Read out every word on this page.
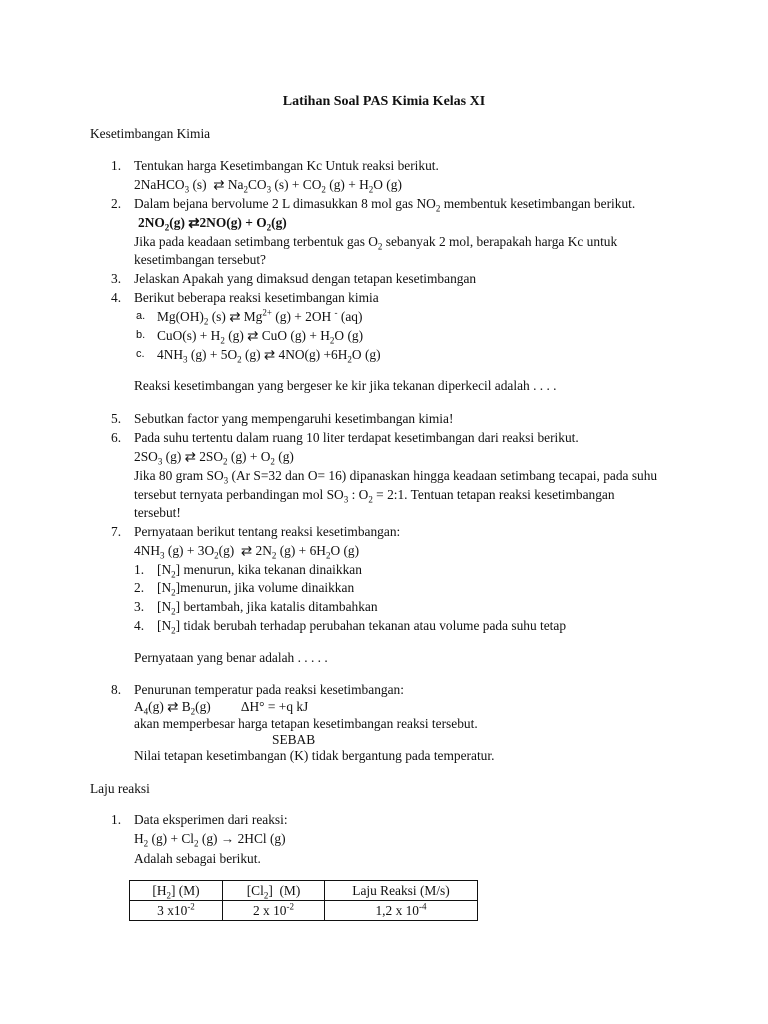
Latihan Soal PAS Kimia Kelas XI
Kesetimbangan Kimia
1. Tentukan harga Kesetimbangan Kc Untuk reaksi berikut.
2NaHCO$_3$ (s)  ⇄ $Na_2CO_3$ $(s) + CO_2$ $(g) + H_2O$ (g)
2. Dalam bejana bervolume 2 L dimasukkan 8 mol gas $NO_2$ membentuk kesetimbangan berikut.
$2NO_2(g)$ ⇄2NO(g) + $O_2(g)$
Jika pada keadaan setimbang terbentuk gas $O_2$ sebanyak 2 mol, berapakah harga Kc untuk
kesetimbangan tersebut?
3. Jelaskan Apakah yang dimaksud dengan tetapan kesetimbangan
4. Berikut beberapa reaksi kesetimbangan kimia
a. $Mg(OH)_2$ (s) ⇄ $Mg^{2+}$ (g) + 2OH - (aq)
b. $CuO(s) + H_2$ (g) ⇄ CuO $(g) + H_2O$ (g)
c. $4NH_3$ $(g) + 5O_2$ (g) ⇄ $4NO(g) +6H_2O$ (g)
Reaksi kesetimbangan yang bergeser ke kir jika tekanan diperkecil adalah . . . .
5. Sebutkan factor yang mempengaruhi kesetimbangan kimia!
6. Pada suhu tertentu dalam ruang 10 liter terdapat kesetimbangan dari reaksi berikut.
$2SO_3$ (g) ⇄ $2SO_2$ $(g) + O_2$ (g)
Jika 80 gram $SO_3$ (Ar S=32 dan O= 16) dipanaskan hingga keadaan setimbang tecapai, pada suhu
tersebut ternyata perbandingan mol $SO_3$ : $O_2$ = 2:1. Tentuan tetapan reaksi kesetimbangan
tersebut!
7. Pernyataan berikut tentang reaksi kesetimbangan:
$4NH_3$ $(g) + 3O_2(g)$  ⇄ $2N_2$ $(g) + 6H_2O$ (g)
1. $[N_2]$ menurun, kika tekanan dinaikkan
2. $[N_2]menurun$, jika volume dinaikkan
3. $[N_2]$ bertambah, jika katalis ditambahkan
4. $[N_2]$ tidak berubah terhadap perubahan tekanan atau volume pada suhu tetap
Pernyataan yang benar adalah . . . . .
8. Penurunan temperatur pada reaksi kesetimbangan:
$A_4(g)$ ⇄ $B_2(g)$         ΔH° = +q kJ
akan memperbesar harga tetapan kesetimbangan reaksi tersebut.
SEBAB
Nilai tetapan kesetimbangan (K) tidak bergantung pada temperatur.
Laju reaksi
1. Data eksperimen dari reaksi:
$H_2$ $(g) + Cl_2$ (g) → 2HCl (g)
Adalah sebagai berikut.
$[H_2]$ (M)	$[Cl_2]$  (M)	Laju Reaksi (M/s)
3 $x10^{-2}$	2 x $10^{-2}$	1,2 x $10^{-4}$
